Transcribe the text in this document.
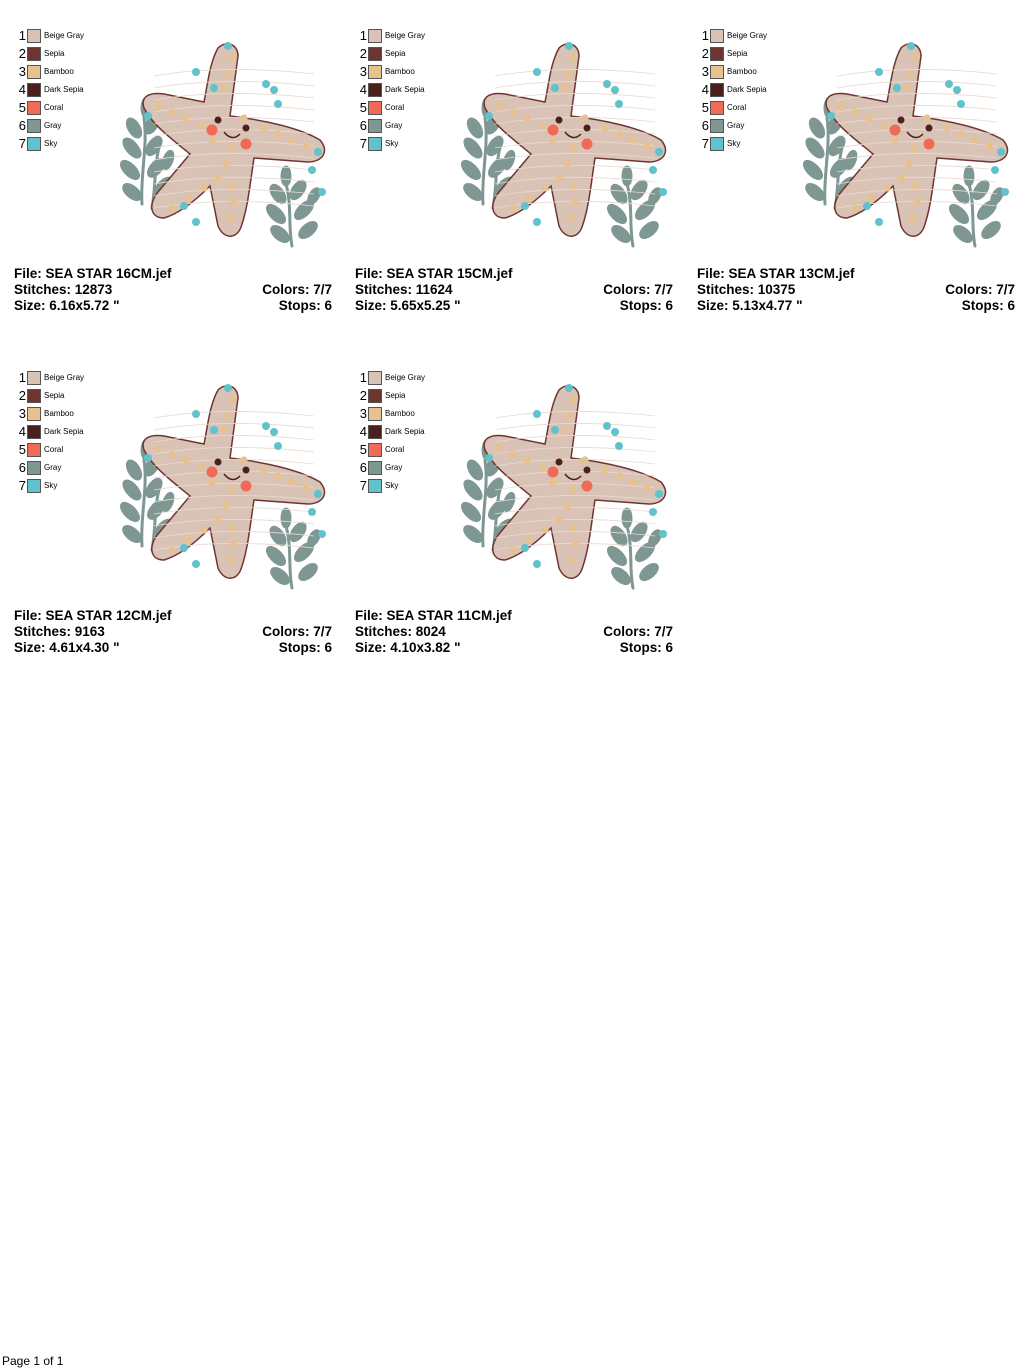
1 Beige Gray
2 Sepia
3 Bamboo
4 Dark Sepia
5 Coral
6 Gray
7 Sky
File: SEA STAR 16CM.jef
Stitches: 12873
Size: 6.16x5.72 "
Colors: 7/7
Stops: 6
1 Beige Gray
2 Sepia
3 Bamboo
4 Dark Sepia
5 Coral
6 Gray
7 Sky
File: SEA STAR 15CM.jef
Stitches: 11624
Size: 5.65x5.25 "
Colors: 7/7
Stops: 6
1 Beige Gray
2 Sepia
3 Bamboo
4 Dark Sepia
5 Coral
6 Gray
7 Sky
File: SEA STAR 13CM.jef
Stitches: 10375
Size: 5.13x4.77 "
Colors: 7/7
Stops: 6
1 Beige Gray
2 Sepia
3 Bamboo
4 Dark Sepia
5 Coral
6 Gray
7 Sky
File: SEA STAR 12CM.jef
Stitches: 9163
Size: 4.61x4.30 "
Colors: 7/7
Stops: 6
1 Beige Gray
2 Sepia
3 Bamboo
4 Dark Sepia
5 Coral
6 Gray
7 Sky
File: SEA STAR 11CM.jef
Stitches: 8024
Size: 4.10x3.82 "
Colors: 7/7
Stops: 6
Page 1 of 1
